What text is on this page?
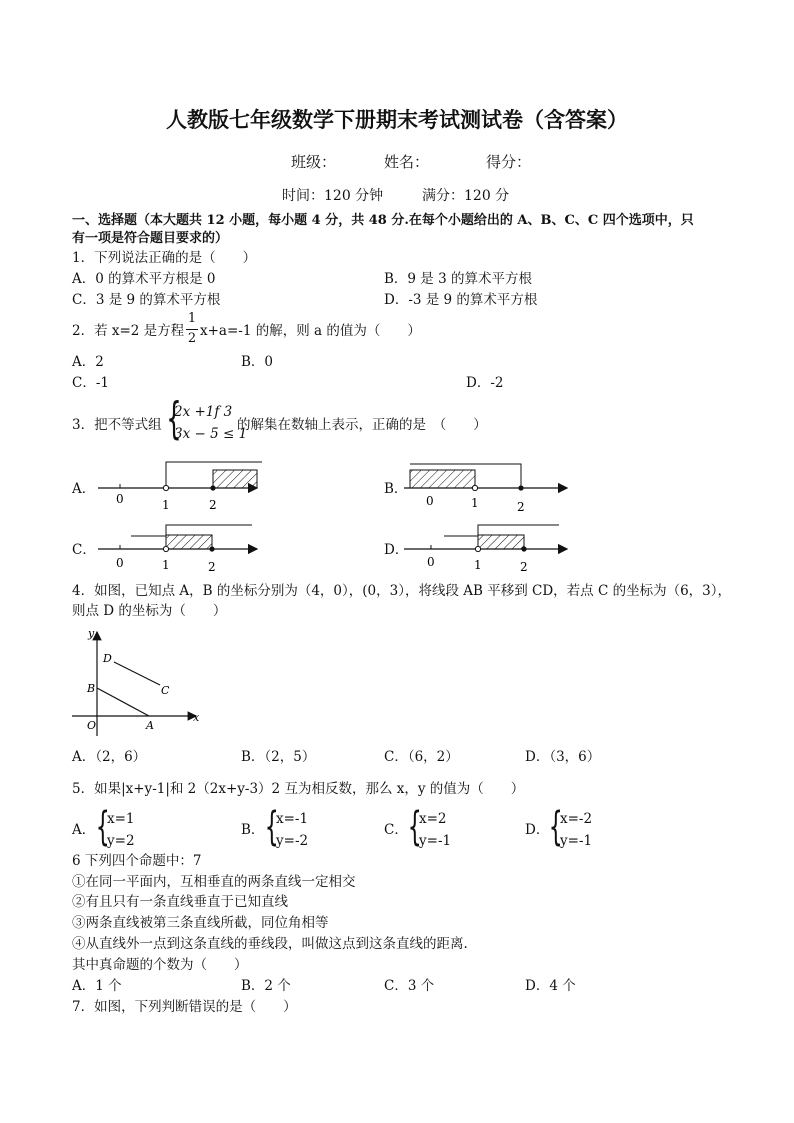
人教版七年级数学下册期末考试测试卷（含答案）
班级：	姓名：	得分：
时间：120 分钟	满分：120 分
一、选择题（本大题共 12 小题，每小题 4 分，共 48 分.在每个小题给出的 A、B、C、C 四个选项中，只
有一项是符合题目要求的）
1．下列说法正确的是（　　）
A．0 的算术平方根是 0	B．9 是 3 的算术平方根
C．3 是 9 的算术平方根	D．-3 是 9 的算术平方根
2．若 x=2 是方程
1
2 x+a=-1 的解，则 a 的值为（　　）
A．2	B．0
C．-1	D．-2
3．把不等式组 {
2x +1f 3
3x − 5 ≤ 1
的解集在数轴上表示，正确的是　（　　）
A．	B．
C．	D．
0	1	2	0	1	2
0	1	2	0	1	2
y
x
O	A
B	C
D
4．如图，已知点 A，B 的坐标分别为（4，0），(0，3），将线段 AB 平移到 CD，若点 C 的坐标为（6，3），
则点 D 的坐标为（　　）
A．（2，6）	B．（2，5）	C．（6，2）	D．（3，6）
5．如果|x+y-1|和 2（2x+y-3）2 互为相反数，那么 x，y 的值为（　　）
A． {
x=1
y=2
B． {
x=-1
y=-2
C． {
x=2
y=-1
D． {
x=-2
y=-1
6 下列四个命题中：7
①在同一平面内，互相垂直的两条直线一定相交
②有且只有一条直线垂直于已知直线
③两条直线被第三条直线所截，同位角相等
④从直线外一点到这条直线的垂线段，叫做这点到这条直线的距离.
其中真命题的个数为（　　）
A．1 个	B．2 个	C．3 个	D．4 个
7．如图，下列判断错误的是（　　）
